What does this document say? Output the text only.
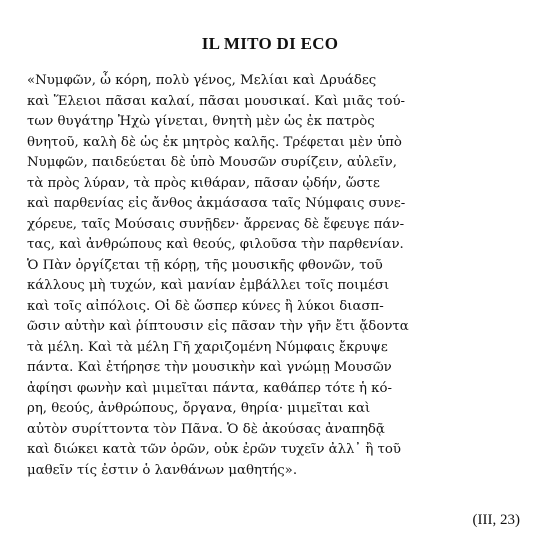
IL MITO DI ECO
«Νυμφῶν, ὦ κόρη, πολὺ γένος, Μελίαι καὶ Δρυάδες
καὶ Ἕλειοι πᾶσαι καλαί, πᾶσαι μουσικαί. Καὶ μιᾶς τού-
των θυγάτηρ Ἠχὼ γίνεται, θνητὴ μὲν ὡς ἐκ πατρὸς
θνητοῦ, καλὴ δὲ ὡς ἐκ μητρὸς καλῆς. Τρέφεται μὲν ὑπὸ
Νυμφῶν, παιδεύεται δὲ ὑπὸ Μουσῶν συρίζειν, αὐλεῖν,
τὰ πρὸς λύραν, τὰ πρὸς κιθάραν, πᾶσαν ᾠδήν, ὥστε
καὶ παρθενίας εἰς ἄνθος ἀκμάσασα ταῖς Νύμφαις συνε-
χόρευε, ταῖς Μούσαις συνῇδεν· ἄρρενας δὲ ἔφευγε πάν-
τας, καὶ ἀνθρώπους καὶ θεούς, φιλοῦσα τὴν παρθενίαν.
Ὁ Πὰν ὀργίζεται τῇ κόρῃ, τῆς μουσικῆς φθονῶν, τοῦ
κάλλους μὴ τυχών, καὶ μανίαν ἐμβάλλει τοῖς ποιμέσι
καὶ τοῖς αἰπόλοις. Οἱ δὲ ὥσπερ κύνες ἢ λύκοι διασπ-
ῶσιν αὐτὴν καὶ ῥίπτουσιν εἰς πᾶσαν τὴν γῆν ἔτι ᾄδοντα
τὰ μέλη. Καὶ τὰ μέλη Γῆ χαριζομένη Νύμφαις ἔκρυψε
πάντα. Καὶ ἐτήρησε τὴν μουσικὴν καὶ γνώμῃ Μουσῶν
ἀφίησι φωνὴν καὶ μιμεῖται πάντα, καθάπερ τότε ἡ κό-
ρη, θεούς, ἀνθρώπους, ὄργανα, θηρία· μιμεῖται καὶ
αὐτὸν συρίττοντα τὸν Πᾶνα. Ὁ δὲ ἀκούσας ἀναπηδᾷ
καὶ διώκει κατὰ τῶν ὀρῶν, οὐκ ἐρῶν τυχεῖν ἀλλ᾽ ἢ τοῦ
μαθεῖν τίς ἐστιν ὁ λανθάνων μαθητής».
(III, 23)
